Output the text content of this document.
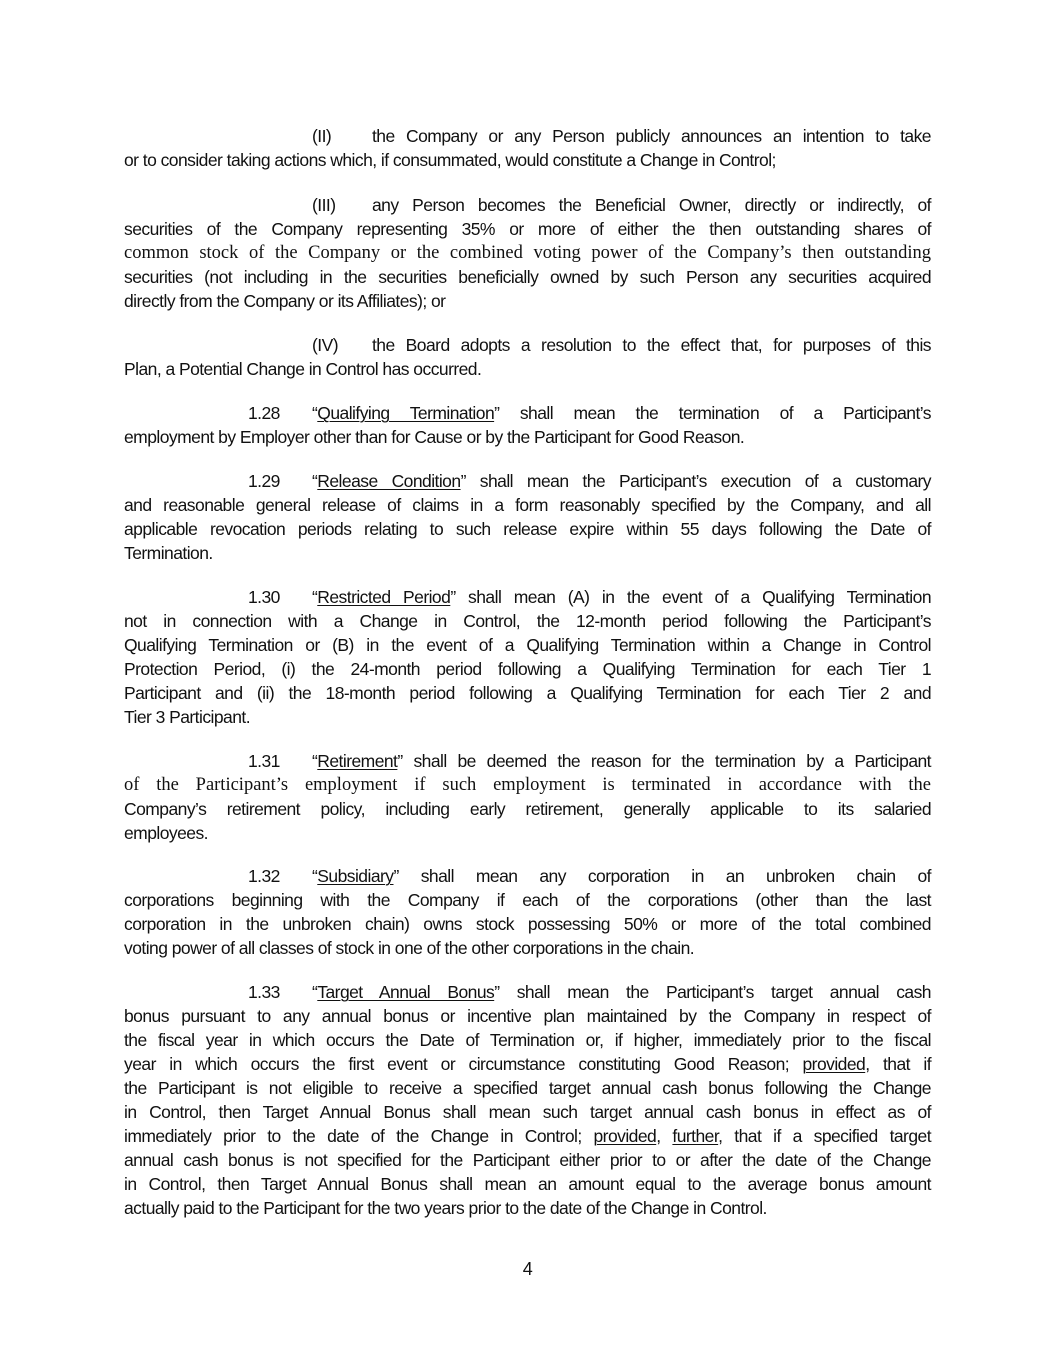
(II) the Company or any Person publicly announces an intention to take
or to consider taking actions which, if consummated, would constitute a Change in Control;
(III) any Person becomes the Beneficial Owner, directly or indirectly, of
securities of the Company representing 35% or more of either the then outstanding shares of
common stock of the Company or the combined voting power of the Company’s then outstanding
securities (not including in the securities beneficially owned by such Person any securities acquired
directly from the Company or its Affiliates); or
(IV) the Board adopts a resolution to the effect that, for purposes of this
Plan, a Potential Change in Control has occurred.
1.28 “Qualifying Termination” shall mean the termination of a Participant’s
employment by Employer other than for Cause or by the Participant for Good Reason.
1.29 “Release Condition” shall mean the Participant’s execution of a customary
and reasonable general release of claims in a form reasonably specified by the Company, and all
applicable revocation periods relating to such release expire within 55 days following the Date of
Termination.
1.30 “Restricted Period” shall mean (A) in the event of a Qualifying Termination
not in connection with a Change in Control, the 12-month period following the Participant’s
Qualifying Termination or (B) in the event of a Qualifying Termination within a Change in Control
Protection Period, (i) the 24-month period following a Qualifying Termination for each Tier 1
Participant and (ii) the 18-month period following a Qualifying Termination for each Tier 2 and
Tier 3 Participant.
1.31 “Retirement” shall be deemed the reason for the termination by a Participant
of the Participant’s employment if such employment is terminated in accordance with the
Company’s retirement policy, including early retirement, generally applicable to its salaried
employees.
1.32 “Subsidiary” shall mean any corporation in an unbroken chain of
corporations beginning with the Company if each of the corporations (other than the last
corporation in the unbroken chain) owns stock possessing 50% or more of the total combined
voting power of all classes of stock in one of the other corporations in the chain.
1.33 “Target Annual Bonus” shall mean the Participant’s target annual cash
bonus pursuant to any annual bonus or incentive plan maintained by the Company in respect of
the fiscal year in which occurs the Date of Termination or, if higher, immediately prior to the fiscal
year in which occurs the first event or circumstance constituting Good Reason; provided, that if
the Participant is not eligible to receive a specified target annual cash bonus following the Change
in Control, then Target Annual Bonus shall mean such target annual cash bonus in effect as of
immediately prior to the date of the Change in Control; provided, further, that if a specified target
annual cash bonus is not specified for the Participant either prior to or after the date of the Change
in Control, then Target Annual Bonus shall mean an amount equal to the average bonus amount
actually paid to the Participant for the two years prior to the date of the Change in Control.
4
